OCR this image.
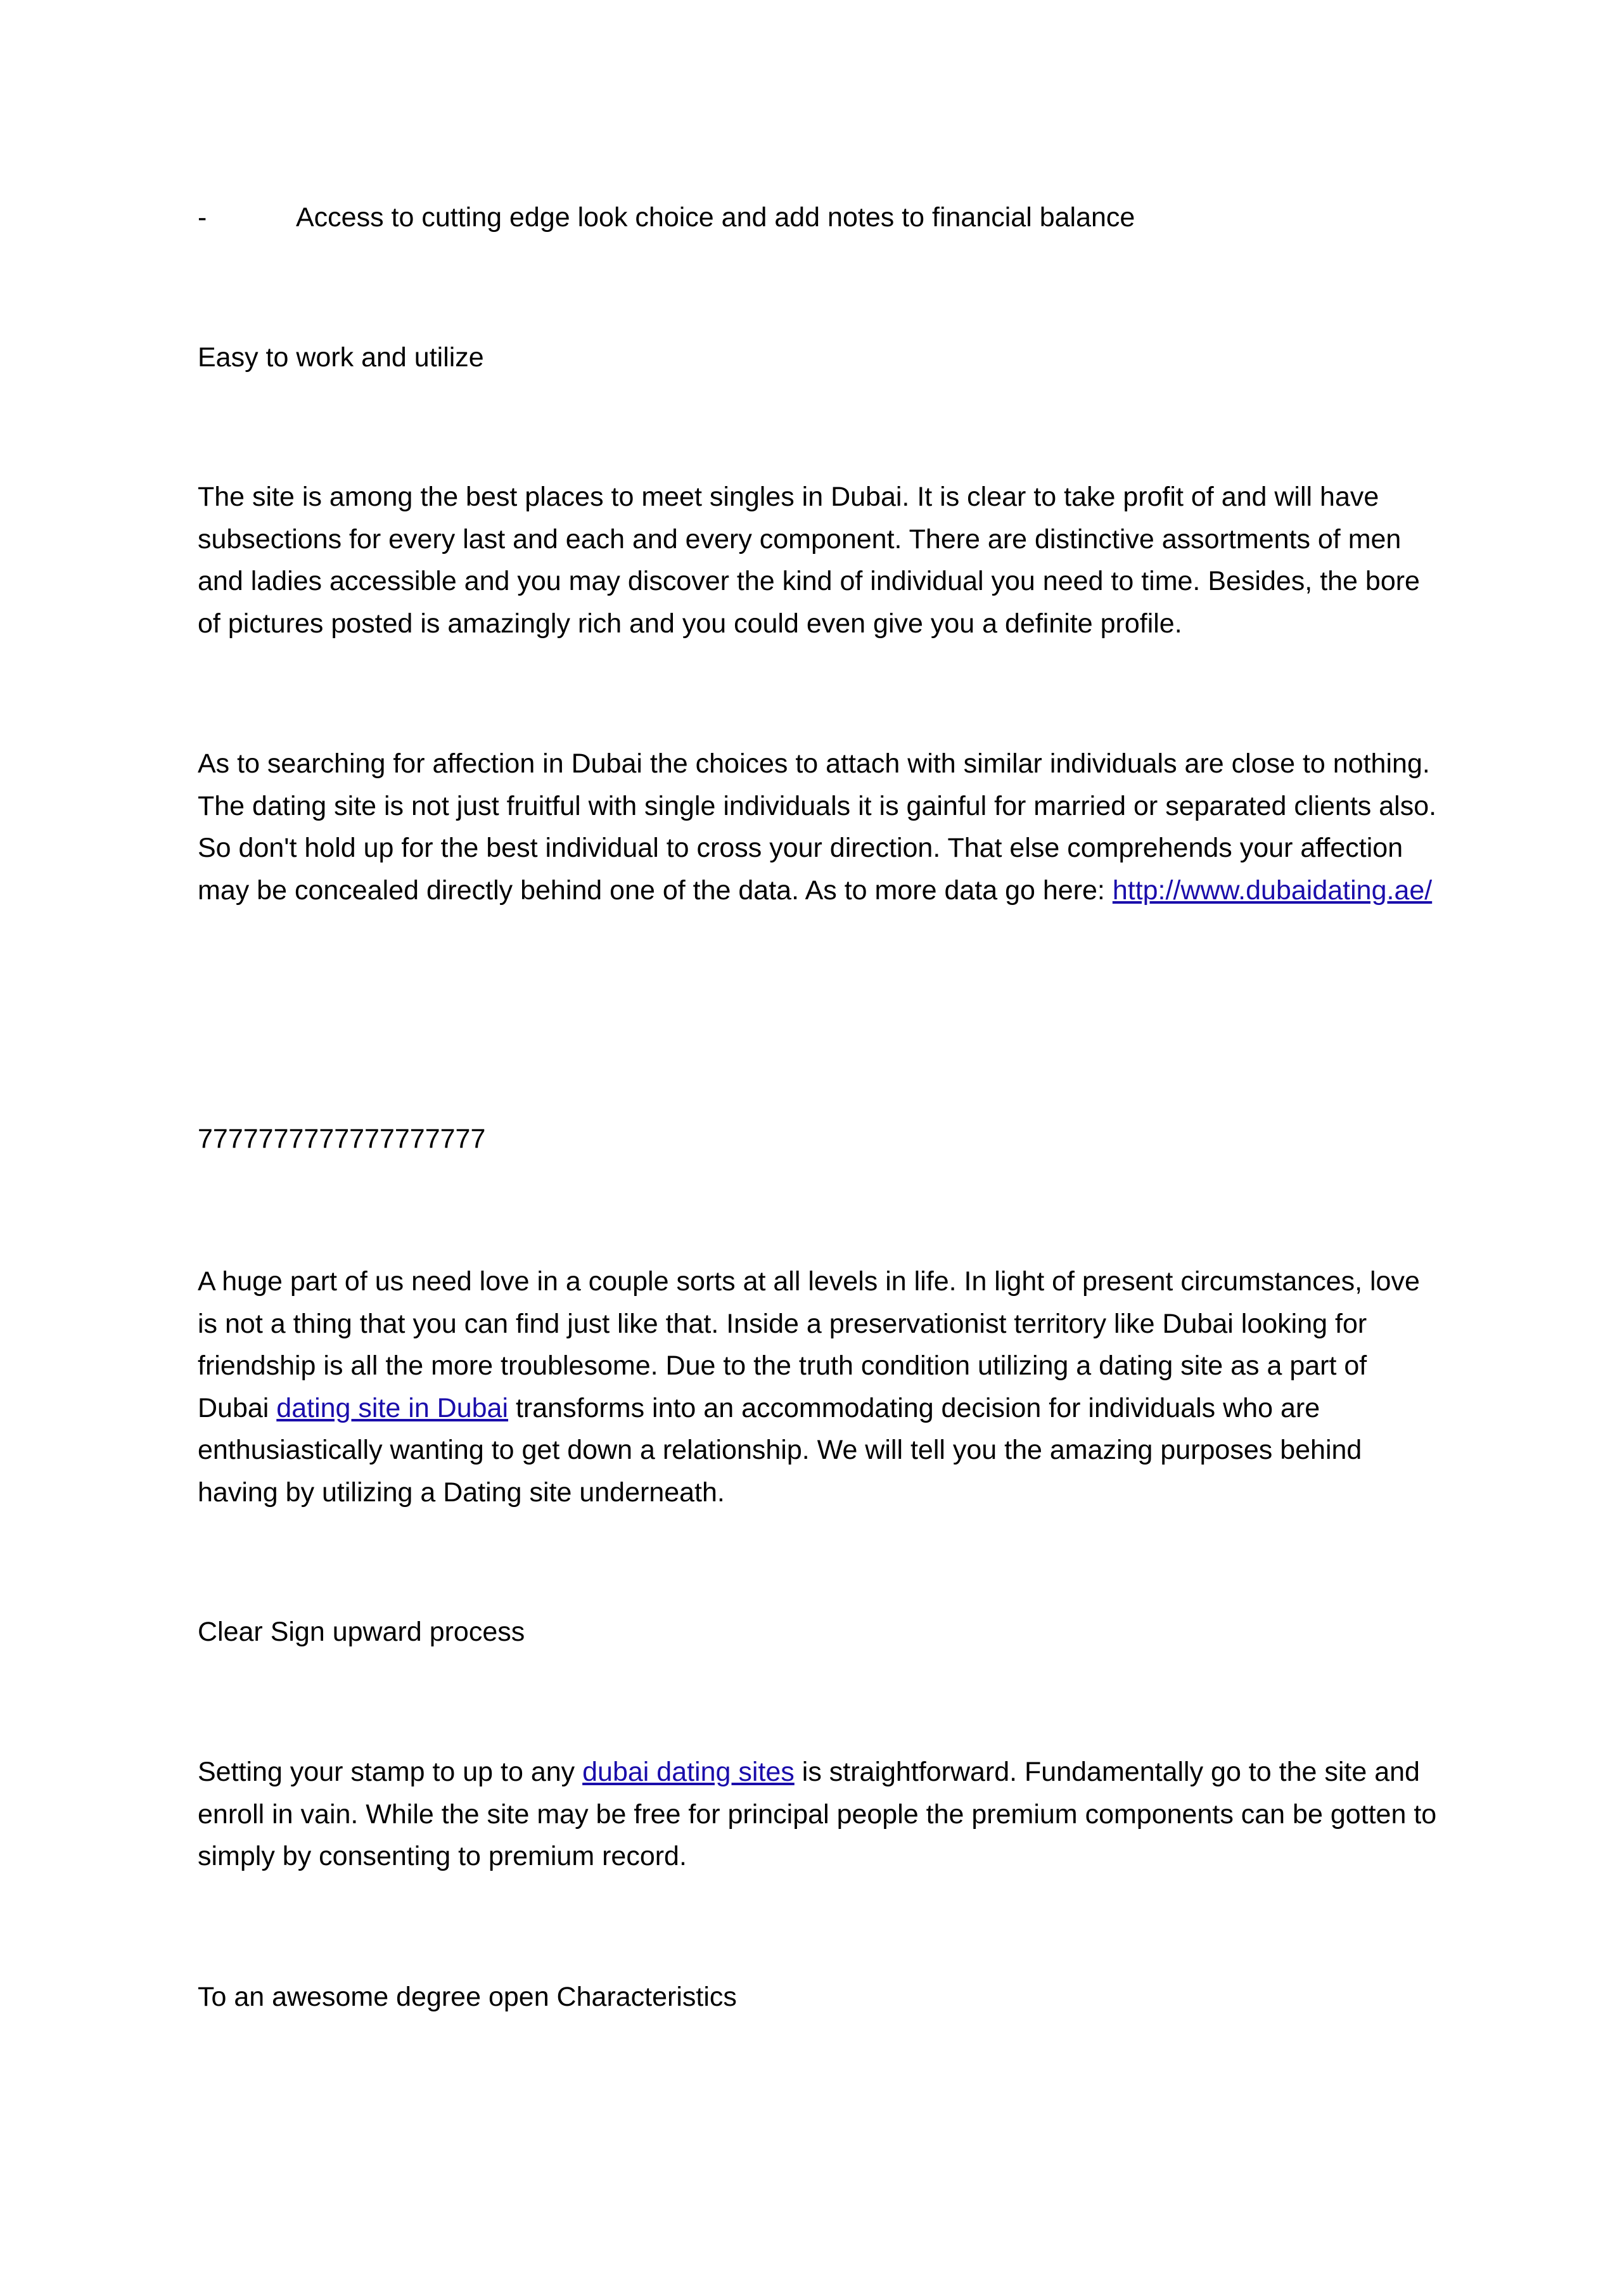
-	Access to cutting edge look choice and add notes to financial balance

Easy to work and utilize

The site is among the best places to meet singles in Dubai. It is clear to take profit of and will have subsections for every last and each and every component. There are distinctive assortments of men and ladies accessible and you may discover the kind of individual you need to time. Besides, the bore of pictures posted is amazingly rich and you could even give you a definite profile.

As to searching for affection in Dubai the choices to attach with similar individuals are close to nothing. The dating site is not just fruitful with single individuals it is gainful for married or separated clients also. So don't hold up for the best individual to cross your direction. That else comprehends your affection may be concealed directly behind one of the data. As to more data go here: http://www.dubaidating.ae/

7777777777777777777

A huge part of us need love in a couple sorts at all levels in life. In light of present circumstances, love is not a thing that you can find just like that. Inside a preservationist territory like Dubai looking for friendship is all the more troublesome. Due to the truth condition utilizing a dating site as a part of Dubai dating site in Dubai transforms into an accommodating decision for individuals who are enthusiastically wanting to get down a relationship. We will tell you the amazing purposes behind having by utilizing a Dating site underneath.

Clear Sign upward process

Setting your stamp to up to any dubai dating sites is straightforward. Fundamentally go to the site and enroll in vain. While the site may be free for principal people the premium components can be gotten to simply by consenting to premium record.

To an awesome degree open Characteristics
